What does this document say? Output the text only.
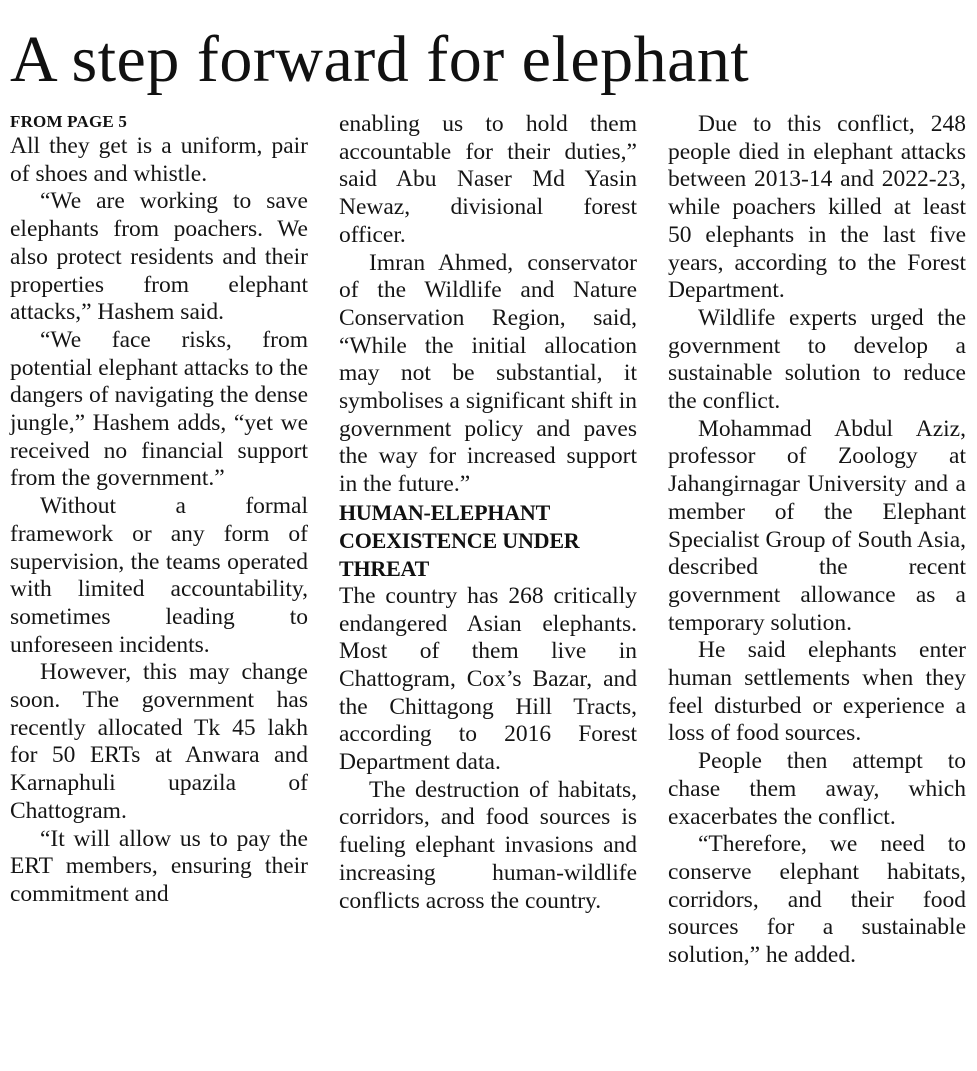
A step forward for elephant
FROM PAGE 5

All they get is a uniform, pair of shoes and whistle.

“We are working to save elephants from poachers. We also protect residents and their properties from elephant attacks,” Hashem said.

“We face risks, from potential elephant attacks to the dangers of navigating the dense jungle,” Hashem adds, “yet we received no financial support from the government.”

Without a formal framework or any form of supervision, the teams operated with limited accountability, sometimes leading to unforeseen incidents.

However, this may change soon. The government has recently allocated Tk 45 lakh for 50 ERTs at Anwara and Karnaphuli upazila of Chattogram.

“It will allow us to pay the ERT members, ensuring their commitment and

enabling us to hold them accountable for their duties,” said Abu Naser Md Yasin Newaz, divisional forest officer.

Imran Ahmed, conservator of the Wildlife and Nature Conservation Region, said, “While the initial allocation may not be substantial, it symbolises a significant shift in government policy and paves the way for increased support in the future.”

HUMAN-ELEPHANT COEXISTENCE UNDER THREAT

The country has 268 critically endangered Asian elephants. Most of them live in Chattogram, Cox’s Bazar, and the Chittagong Hill Tracts, according to 2016 Forest Department data.

The destruction of habitats, corridors, and food sources is fueling elephant invasions and increasing human-wildlife conflicts across the country.

Due to this conflict, 248 people died in elephant attacks between 2013-14 and 2022-23, while poachers killed at least 50 elephants in the last five years, according to the Forest Department.

Wildlife experts urged the government to develop a sustainable solution to reduce the conflict.

Mohammad Abdul Aziz, professor of Zoology at Jahangirnagar University and a member of the Elephant Specialist Group of South Asia, described the recent government allowance as a temporary solution.

He said elephants enter human settlements when they feel disturbed or experience a loss of food sources.

People then attempt to chase them away, which exacerbates the conflict.

“Therefore, we need to conserve elephant habitats, corridors, and their food sources for a sustainable solution,” he added.
